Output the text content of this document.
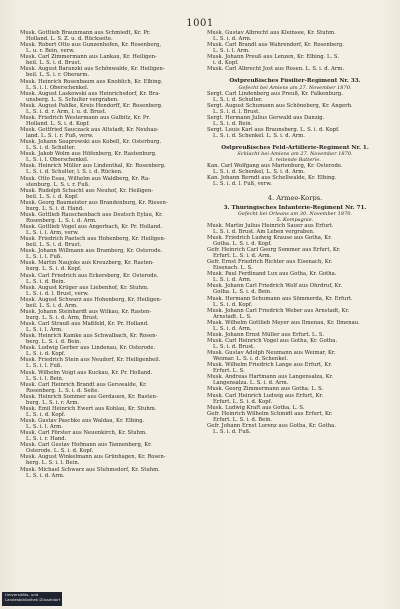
1001
Musk. Gottlieb Braunmann aus Schmiedt, Kr. Pr.
Holland. L. S. Z. u. d. Rückseite.
Musk. Robert Otto aus Gunzenhofen, Kr. Rosenberg,
L. u. r. Bein, verw.
Musk. Carl Zimmermann aus Lankau, Kr. Heiligen-
beil. L. S. i. d. Brust.
Musk. August Baranzki aus Schönwalde, Kr. Heiligen-
beil. L. S. i. r. Oberarm.
Musk. Heinrich Rosenbaum aus Knoblich, Kr. Elbing.
L. S. i. l. Oberschenkel.
Musk. August Laskowski aus Heinrichsdorf, Kr. Bra-
unsberg. L. S. Schulter vergraben.
Musk. August Pahlke, Kreis Hendorff, Kr. Rosenberg.
L. S. i. d. r. Arm, l. u. d. Brust.
Musk. Friedrich Westermann aus Gulbitz, Kr. Pr.
Holland. L. S. i. d. Kopf.
Musk. Gottfried Sauczack aus Altstadt, Kr. Neuhau-
land. L. S. i. r. Fuß, verw.
Musk. Johann Sauprowski aus Kobell, Kr. Osterburg.
L. S. i. d. Schulter.
Musk. Jakob Wolm aus Höfenberg, Kr. Rastenburg.
L. S. i. l. Oberschenkel.
Musk. Heinrich Müller aus Lindenthal, Kr. Rosenberg.
L. S. i. d. Schulter, l. S. i. d. Rücken.
Musk. Otto Esau, Wilhelm aus Waldberg, Kr. Ra-
stenburg. L. S. i. r. Fuß.
Musk. Rudolph Schacht aus Neuhof, Kr. Heiligen-
beil. L. S. i. d. Kopf.
Musk. Georg Baumeister aus Brandenburg, Kr. Riesen-
burg. L. S. i. d. Hand.
Musk. Gottlieb Rauschenbach aus Deutsch Eylau, Kr.
Rosenberg. L. S. i. d. Arm.
Musk. Gottlieb Vogel aus Angerbach, Kr. Pr. Holland.
L. S. i. l. Arm, verw.
Musk. Friedrich Paetsch aus Hohenberg, Kr. Heiligen-
beil. L. S. i. d. Brust.
Musk. Johann Willmann aus Bramberg, Kr. Osterode.
L. S. i. l. Fuß.
Musk. Martin Naujoks aus Kreuzberg, Kr. Rasten-
burg. L. S. i. d. Kopf.
Musk. Carl Friedrich aus Eckersberg, Kr. Osterode.
L. S. i. d. Bein.
Musk. August Krüger aus Liebenhof, Kr. Stuhm.
L. S. i. d. l. Brust, verw.
Musk. August Schwarz aus Hohenberg, Kr. Heiligen-
beil. L. S. i. d. Arm.
Musk. Johann Steinhardt aus Wilkau, Kr. Rasten-
burg. L. S. i. d. Arm, Brust.
Musk. Carl Strauß aus Maßfeld, Kr. Pr. Holland.
L. S. i. l. Arm.
Musk. Heinrich Kamke aus Schwalbach, Kr. Rosen-
berg. L. S. i. d. Bein.
Musk. Ludwig Gerber aus Lindenau, Kr. Osterode.
L. S. i. d. Kopf.
Musk. Friedrich Stein aus Neudorf, Kr. Heiligenbeil.
L. S. i. l. Fuß.
Musk. Wilhelm Voigt aus Kuckau, Kr. Pr. Holland.
L. S. i. l. Bein.
Musk. Carl Heinrich Brandt aus Gerswalde, Kr.
Rosenberg. L. S. i. d. Seite.
Musk. Heinrich Sommer aus Gerdauen, Kr. Rasten-
burg. L. S. i. r. Arm.
Musk. Emil Heinrich Ewert aus Kohlau, Kr. Stuhm.
L. S. i. d. Kopf.
Musk. Gustav Paschke aus Waldau, Kr. Elbing.
L. S. i. l. Arm.
Musk. Carl Förster aus Neuenkirch, Kr. Stuhm.
L. S. i. r. Hand.
Musk. Carl Gustav Hofmann aus Tannenberg, Kr.
Osterode. L. S. i. d. Kopf.
Musk. August Winkelmann aus Grünhagen, Kr. Rosen-
berg. L. S. i. l. Bein.
Musk. Michael Schwarz aus Stuhmsdorf, Kr. Stuhm.
L. S. i. d. Arm.
Musk. Gustav Albrecht aus Kleinsee, Kr. Stuhm.
L. S. i. d. Arm.
Musk. Carl Brandt aus Wahrendorf, Kr. Rosenberg.
L. S. i. l. Arm.
Musk. Johann Preuß aus Lenzen, Kr. Elbing. L. S.
i. d. Kopf.
Musk. Carl Albrecht Jost aus Rosen. L. S. i. d. Arm.
Ostpreußisches Füsilier-Regiment Nr. 33.
Gefecht bei Amiens am 27. November 1870.
Sergt. Carl Lindenberg aus Preuß, Kr. Falkenburg.
L. S. i. d. Schulter.
Sergt. August Schumann aus Schöneberg, Kr. Angerb.
L. S. i. d. l. Brust.
Sergt. Hermann Julius Gerwald aus Danzig.
L. S. i. d. Bein.
Sergt. Louis Karl aus Braunsberg. L. S. i. d. Kopf.
L. S. i. d. Schenkel. L. S. i. d. Arm.
Ostpreußisches Feld-Artillerie-Regiment Nr. 1.
Schlacht bei Amiens am 27. November 1870.
3. reitende Batterie.
Kan. Carl Wolfgang aus Marienburg, Kr. Osterode.
L. S. i. d. Schenkel, L. S. i. d. Arm.
Kan. Johann Berndt aus Schellwalde, Kr. Elbing.
L. S. i. d. l. Fuß, verw.
4. Armee-Korps.
3. Thüringisches Infanterie-Regiment Nr. 71.
Gefecht bei Orleans am 30. November 1870.
5. Kompagnie.
Musk. Martin Julius Heinrich Sauer aus Erfurt.
L. S. i. d. Brust. Am Leben vergraben.
Musk. Friedrich Ludwig Krause aus Gotha, Kr.
Gotha. L. S. i. d. Kopf.
Gefr. Heinrich Carl Georg Sommer aus Erfurt, Kr.
Erfurt. L. S. i. d. Arm.
Gefr. Ernst Friedrich Richter aus Eisenach, Kr.
Eisenach. L. S.
Musk. Paul Ferdinand Lux aus Gotha, Kr. Gotha.
L. S. i. d. Arm.
Musk. Johann Carl Friedrich Wolf aus Ohrdruf, Kr.
Gotha. L. S. i. d. Bein.
Musk. Hermann Schumann aus Sömmerda, Kr. Erfurt.
L. S. i. d. Kopf.
Musk. Johann Carl Friedrich Weber aus Arnstadt, Kr.
Arnstadt. L. S.
Musk. Wilhelm Gottlieb Meyer aus Ilmenau, Kr. Ilmenau.
L. S. i. d. Arm.
Musk. Johann Ernst Müller aus Erfurt. L. S.
Musk. Carl Heinrich Vogel aus Gotha, Kr. Gotha.
L. S. i. d. Brust.
Musk. Gustav Adolph Neumann aus Weimar, Kr.
Weimar. L. S. i. d. Schenkel.
Musk. Wilhelm Friedrich Lange aus Erfurt, Kr.
Erfurt. L. S.
Musk. Andreas Hartmann aus Langensalza, Kr.
Langensalza. L. S. i. d. Arm.
Musk. Georg Zimmermann aus Gotha. L. S.
Musk. Carl Heinrich Ludwig aus Erfurt, Kr.
Erfurt. L. S. i. d. Kopf.
Musk. Ludwig Kraft aus Gotha. L. S.
Gefr. Heinrich Wilhelm Schmidt aus Erfurt, Kr.
Erfurt. L. S. i. d. Bein.
Gefr. Johann Ernst Lorenz aus Gotha, Kr. Gotha.
L. S. i. d. Fuß.
Universitäts- und
Landesbibliothek Düsseldorf
